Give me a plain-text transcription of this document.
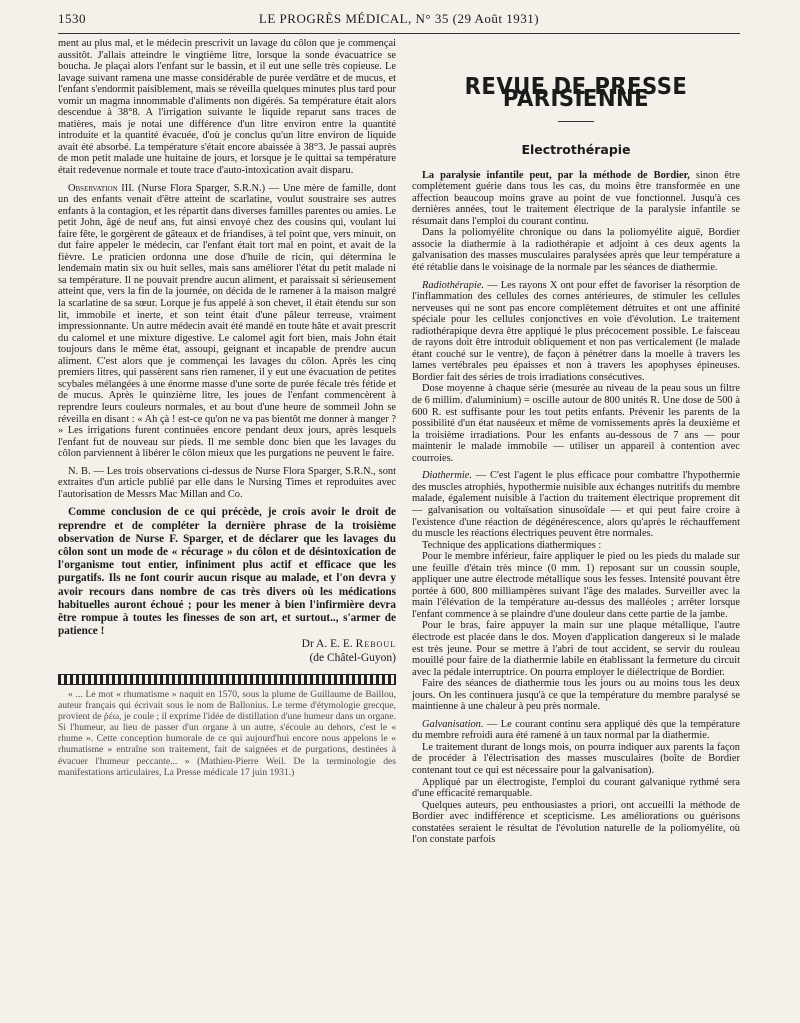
1530	LE PROGRÈS MÉDICAL, N° 35 (29 Août 1931)

ment au plus mal, et le médecin prescrivit un lavage du côlon que je commençai aussitôt. J'allais atteindre le vingtième litre, lorsque la sonde évacuatrice se boucha. Je plaçai alors l'enfant sur le bassin, et il eut une selle très copieuse. Le lavage suivant ramena une masse considérable de purée verdâtre et de mucus, et l'enfant s'endormit paisiblement, mais se réveilla quelques minutes plus tard pour vomir un magma innommable d'aliments non digérés. Sa température était alors descendue à 38°8. A l'irrigation suivante le liquide reparut sans traces de matières, mais je notai une différence d'un litre environ entre la quantité introduite et la quantité évacuée, d'où je conclus qu'un litre environ de liquide avait été absorbé. La température s'était encore abaissée à 38°3. Je passai auprès de mon petit malade une huitaine de jours, et lorsque je le quittai sa température était redevenue normale et toute trace d'auto-intoxication avait disparu.

Observation III. (Nurse Flora Sparger, S.R.N.) — Une mère de famille, dont un des enfants venait d'être atteint de scarlatine, voulut soustraire ses autres enfants à la contagion, et les répartit dans diverses familles parentes ou amies. Le petit John, âgé de neuf ans, fut ainsi envoyé chez des cousins qui, voulant lui faire fête, le gorgèrent de gâteaux et de friandises, à tel point que, vers minuit, on dut faire appeler le médecin, car l'enfant était tort mal en point, et avait de la fièvre. Le praticien ordonna une dose d'huile de ricin, qui détermina le lendemain matin six ou huit selles, mais sans améliorer l'état du petit malade ni sa température. Il ne pouvait prendre aucun aliment, et paraissait si sérieusement atteint que, vers la fin de la journée, on décida de le ramener à la maison malgré la scarlatine de sa sœur. Lorque je fus appelé à son chevet, il était étendu sur son lit, immobile et inerte, et son teint était d'une pâleur terreuse, vraiment impressionnante. Un autre médecin avait été mandé en toute hâte et avait prescrit du calomel et une mixture digestive. Le calomel agit fort bien, mais John était toujours dans le même état, assoupi, geignant et incapable de prendre aucun aliment. C'est alors que je commençai les lavages du côlon. Après les cinq premiers litres, qui passèrent sans rien ramener, il y eut une évacuation de petites scybales mélangées à une énorme masse d'une sorte de purée fécale très fétide et de mucus. Après le quinzième litre, les joues de l'enfant commencèrent à reprendre leurs couleurs normales, et au bout d'une heure de sommeil John se réveilla en disant : « Ah çà ! est-ce qu'on ne va pas bientôt me donner à manger ? » Les irrigations furent continuées encore pendant deux jours, après lesquels l'enfant fut de nouveau sur pieds. Il me semble donc bien que les lavages du côlon parviennent à libérer le côlon mieux que les purgations ne peuvent le faire.

N. B. — Les trois observations ci-dessus de Nurse Flora Sparger, S.R.N., sont extraites d'un article publié par elle dans le Nursing Times et reproduites avec l'autorisation de Messrs Mac Millan and Co.

Comme conclusion de ce qui précède, je crois avoir le droit de reprendre et de compléter la dernière phrase de la troisième observation de Nurse F. Sparger, et de déclarer que les lavages du côlon sont un mode de « récurage » du côlon et de désintoxication de l'organisme tout entier, infiniment plus actif et efficace que les purgatifs. Ils ne font courir aucun risque au malade, et l'on devra y avoir recours dans nombre de cas très divers où les médications habituelles auront échoué ; pour les mener à bien l'infirmière devra être rompue à toutes les finesses de son art, et surtout.., s'armer de patience !

Dr A. E. E. Reboul

(de Châtel-Guyon)

« ... Le mot « rhumatisme » naquit en 1570, sous la plume de Guillaume de Baillou, auteur français qui écrivait sous le nom de Ballonius. Le terme d'étymologie grecque, provient de ῥέω, je coule ; il exprime l'idée de distillation d'une humeur dans un organe. Si l'humeur, au lieu de passer d'un organe à un autre, s'écoule au dehors, c'est le « rhume ». Cette conception humorale de ce qui aujourd'hui encore nous appelons le « rhumatisme » entraîne son traitement, fait de saignées et de purgations, destinées à évacuer l'humeur peccante... » (Mathieu-Pierre Weil. De la terminologie des manifestations articulaires, La Presse médicale 17 juin 1931.)

REVUE DE PRESSE PARISIENNE
Electrothérapie

La paralysie infantile peut, par la méthode de Bordier, sinon être complètement guérie dans tous les cas, du moins être transformée en une affection beaucoup moins grave au point de vue fonctionnel. Jusqu'à ces dernières années, tout le traitement électrique de la paralysie infantile se résumait dans l'emploi du courant continu.

Dans la poliomyélite chronique ou dans la poliomyélite aiguë, Bordier associe la diathermie à la radiothérapie et adjoint à ces deux agents la galvanisation des masses musculaires paralysées après que leur température a été rétablie dans le voisinage de la normale par les séances de diathermie.

Radiothérapie. — Les rayons X ont pour effet de favoriser la résorption de l'inflammation des cellules des cornes antérieures, de stimuler les cellules nerveuses qui ne sont pas encore complètement détruites et ont une affinité spéciale pour les cellules conjonctives en voie d'évolution. Le traitement radiothérapique devra être appliqué le plus précocement possible. Le faisceau de rayons doit être introduit obliquement et non pas verticalement (le malade étant couché sur le ventre), de façon à pénétrer dans la moelle à travers les lames vertébrales peu épaisses et non à travers les apophyses épineuses. Bordier fait des séries de trois irradiations consécutives.

Dose moyenne à chaque série (mesurée au niveau de la peau sous un filtre de 6 millim. d'aluminium) = oscille autour de 800 unités R. Une dose de 500 à 600 R. est suffisante pour les tout petits enfants. Prévenir les parents de la possibilité d'un état nauséeux et même de vomissements après la deuxième et la troisième irradiations. Pour les enfants au-dessous de 7 ans — pour maintenir le malade immobile — utiliser un appareil à contention avec courroies.

Diathermie. — C'est l'agent le plus efficace pour combattre l'hypothermie des muscles atrophiés, hypothermie nuisible aux échanges nutritifs du membre malade, également nuisible à l'action du traitement électrique proprement dit — galvanisation ou voltaïsation sinusoïdale — et qui peut faire croire à l'existence d'une réaction de dégénérescence, alors qu'après le réchauffement du muscle les réactions électriques peuvent être normales.

Technique des applications diathermiques :

Pour le membre inférieur, faire appliquer le pied ou les pieds du malade sur une feuille d'étain très mince (0 mm. 1) reposant sur un coussin souple, appliquer une autre électrode métallique sous les fesses. Intensité pouvant être portée à 600, 800 milliampères suivant l'âge des malades. Surveiller avec la main l'élévation de la température au-dessus des malléoles ; arrêter lorsque l'enfant commence à se plaindre d'une douleur dans cette partie de la jambe.

Pour le bras, faire appuyer la main sur une plaque métallique, l'autre électrode est placée dans le dos. Moyen d'application dangereux si le malade est très jeune. Pour se mettre à l'abri de tout accident, se servir du rouleau mouillé pour faire de la diathermie labile en établissant la fermeture du circuit avec la pédale interruptrice. On pourra employer le diélectrique de Bordier.

Faire des séances de diathermie tous les jours ou au moins tous les deux jours. On les continuera jusqu'à ce que la température du membre paralysé se maintienne à une chaleur à peu près normale.

Galvanisation. — Le courant continu sera appliqué dès que la température du membre refroidi aura été ramené à un taux normal par la diathermie.

Le traitement durant de longs mois, on pourra indiquer aux parents la façon de procéder à l'électrisation des masses musculaires (boîte de Bordier contenant tout ce qui est nécessaire pour la galvanisation).

Appliqué par un électrogiste, l'emploi du courant galvanique rythmé sera d'une efficacité remarquable.

Quelques auteurs, peu enthousiastes a priori, ont accueilli la méthode de Bordier avec indifférence et scepticisme. Les améliorations ou guérisons constatées seraient le résultat de l'évolution naturelle de la poliomyélite, où l'on constate parfois
